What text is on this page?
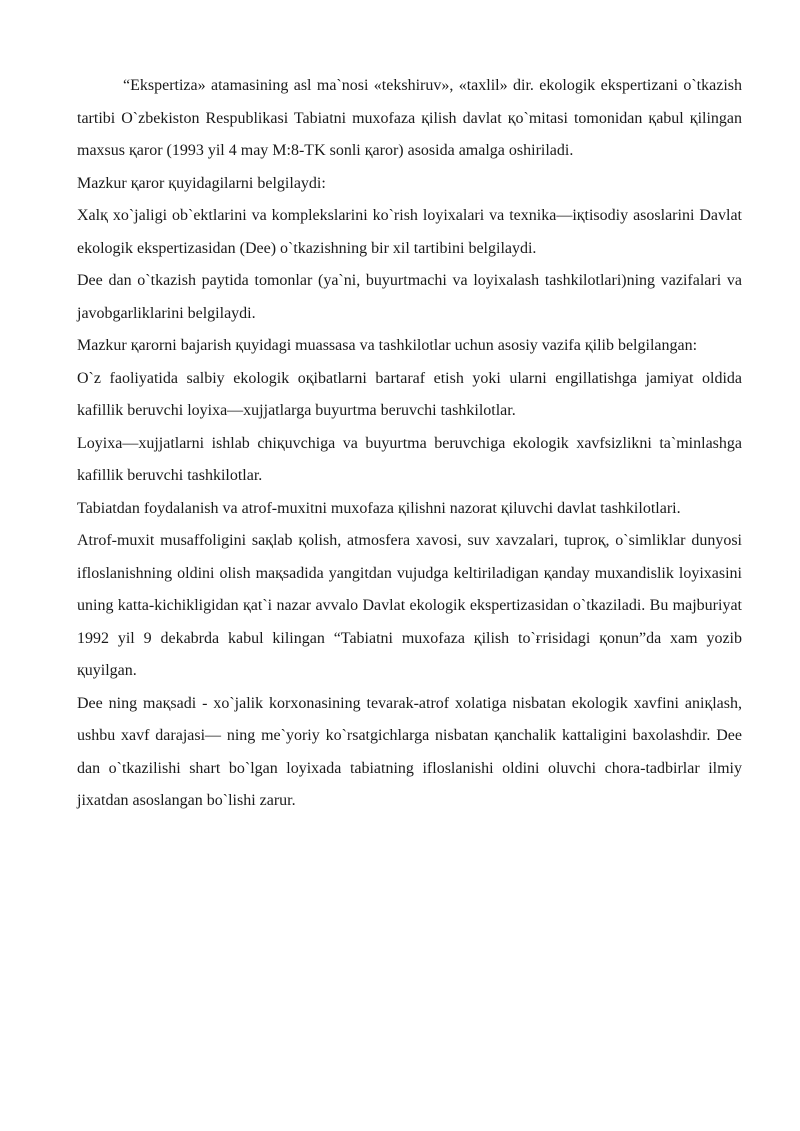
“Ekspertiza» atamasining asl ma`nosi «tekshiruv», «taxlil» dir. ekologik ekspertizani o`tkazish tartibi O`zbekiston Respublikasi Tabiatni muxofaza қilish davlat қo`mitasi tomonidan қabul қilingan maxsus қaror (1993 yil 4 may M:8-TK sonli қaror) asosida amalga oshiriladi.

Mazkur қaror қuyidagilarni belgilaydi:

Xalқ xo`jaligi ob`ektlarini va komplekslarini ko`rish loyixalari va texnika—iқtisodiy asoslarini Davlat ekologik ekspertizasidan (Dee) o`tkazishning bir xil tartibini belgilaydi.

Dee dan o`tkazish paytida tomonlar (ya`ni, buyurtmachi va loyixalash tashkilotlari)ning vazifalari va javobgarliklarini belgilaydi.

Mazkur қarorni bajarish қuyidagi muassasa va tashkilotlar uchun asosiy vazifa қilib belgilangan:

O`z faoliyatida salbiy ekologik oқibatlarni bartaraf etish yoki ularni engillatishga jamiyat oldida kafillik beruvchi loyixa—xujjatlarga buyurtma beruvchi tashkilotlar.

Loyixa—xujjatlarni ishlab chiқuvchiga va buyurtma beruvchiga ekologik xavfsizlikni ta`minlashga kafillik beruvchi tashkilotlar.

Tabiatdan foydalanish va atrof-muxitni muxofaza қilishni nazorat қiluvchi davlat tashkilotlari.

Atrof-muxit musaffoligini saқlab қolish, atmosfera xavosi, suv xavzalari, tuproқ, o`simliklar dunyosi ifloslanishning oldini olish maқsadida yangitdan vujudga keltiriladigan қanday muxandislik loyixasini uning katta-kichikligidan қat`i nazar avvalo Davlat ekologik ekspertizasidan o`tkaziladi. Bu majburiyat 1992 yil 9 dekabrda kabul kilingan “Tabiatni muxofaza қilish to`ғrisidagi қonun”da xam yozib қuyilgan.

Dee ning maқsadi - xo`jalik korxonasining tevarak-atrof xolatiga nisbatan ekologik xavfini aniқlash, ushbu xavf darajasi— ning me`yoriy ko`rsatgichlarga nisbatan қanchalik kattaligini baxolashdir. Dee dan o`tkazilishi shart bo`lgan loyixada tabiatning ifloslanishi oldini oluvchi chora-tadbirlar ilmiy jixatdan asoslangan bo`lishi zarur.
